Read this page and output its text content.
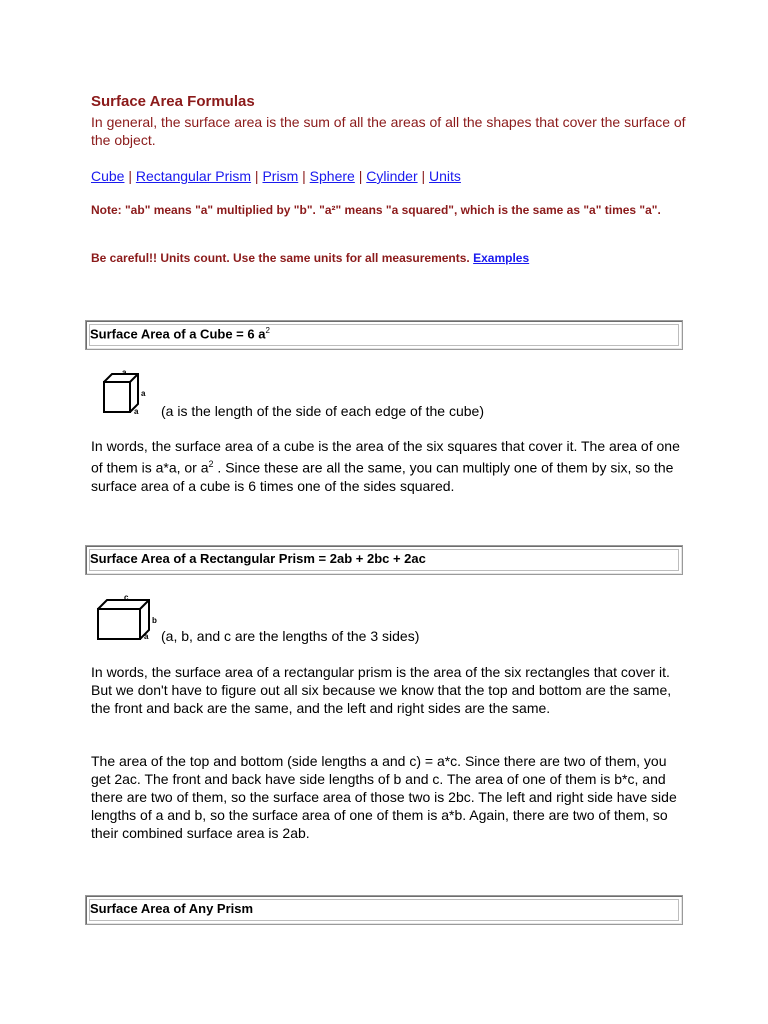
Surface Area Formulas
In general, the surface area is the sum of all the areas of all the shapes that cover the surface of the object.
Cube | Rectangular Prism | Prism | Sphere | Cylinder | Units
Note: "ab" means "a" multiplied by "b". "a²" means "a squared", which is the same as "a" times "a".
Be careful!! Units count. Use the same units for all measurements. Examples
Surface Area of a Cube = 6 $a^2$
a
a
a (a is the length of the side of each edge of the cube)
In words, the surface area of a cube is the area of the six squares that cover it. The area of one of them is a*a, or $a^2$ . Since these are all the same, you can multiply one of them by six, so the surface area of a cube is 6 times one of the sides squared.
Surface Area of a Rectangular Prism = 2ab + 2bc + 2ac
c
b
a (a, b, and c are the lengths of the 3 sides)
In words, the surface area of a rectangular prism is the area of the six rectangles that cover it. But we don't have to figure out all six because we know that the top and bottom are the same, the front and back are the same, and the left and right sides are the same.
The area of the top and bottom (side lengths a and c) = a*c. Since there are two of them, you get 2ac. The front and back have side lengths of b and c. The area of one of them is b*c, and there are two of them, so the surface area of those two is 2bc. The left and right side have side lengths of a and b, so the surface area of one of them is a*b. Again, there are two of them, so their combined surface area is 2ab.
Surface Area of Any Prism
